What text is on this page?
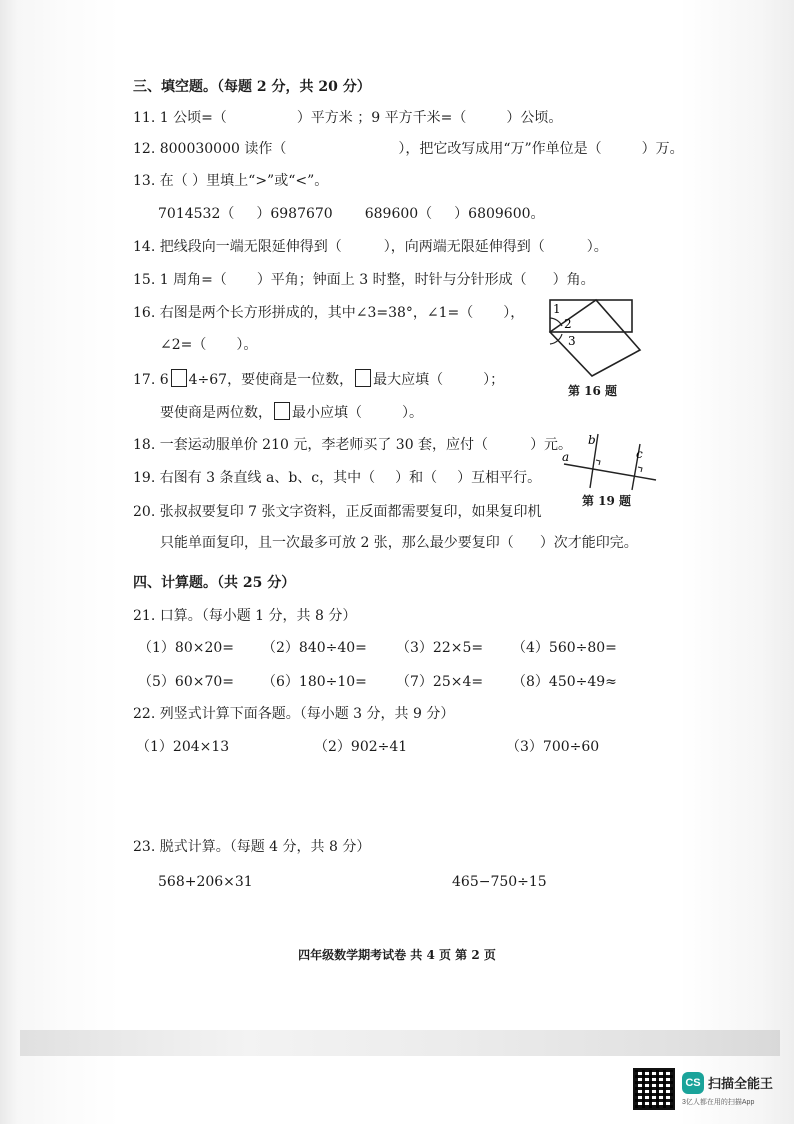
三、填空题。（每题 2 分，共 20 分）
11. 1 公顷=（	）平方米 ；9 平方千米=（	）公顷。
12. 800030000 读作（	），把它改写成用“万”作单位是（	）万。
13. 在（ ）里填上“>”或“<”。
7014532（ ）6987670 689600（ ）6809600。
14. 把线段向一端无限延伸得到（	），向两端无限延伸得到（	）。
15. 1 周角=（ ）平角；钟面上 3 时整，时针与分针形成（ ）角。
16. 右图是两个长方形拼成的，其中∠3=38°，∠1=（ ），
∠2=（ ）。
1
2
3
第 16 题
17. 6 4÷67，要使商是一位数， 最大应填（	）；
要使商是两位数， 最小应填（	）。
18. 一套运动服单价 210 元，李老师买了 30 套，应付（	）元。
19. 右图有 3 条直线 a、b、c，其中（ ）和（ ）互相平行。
a
b
c
第 19 题
20. 张叔叔要复印 7 张文字资料，正反面都需要复印，如果复印机
只能单面复印，且一次最多可放 2 张，那么最少要复印（ ）次才能印完。
四、计算题。（共 25 分）
21. 口算。（每小题 1 分，共 8 分）
（1）80×20= （2）840÷40= （3）22×5= （4）560÷80=
（5）60×70= （6）180÷10= （7）25×4= （8）450÷49≈
22. 列竖式计算下面各题。（每小题 3 分，共 9 分）
（1）204×13	（2）902÷41	（3）700÷60
23. 脱式计算。（每题 4 分，共 8 分）
568+206×31	465−750÷15
四年级数学期考试卷 共 4 页 第 2 页
CS 扫描全能王
3亿人都在用的扫描App
